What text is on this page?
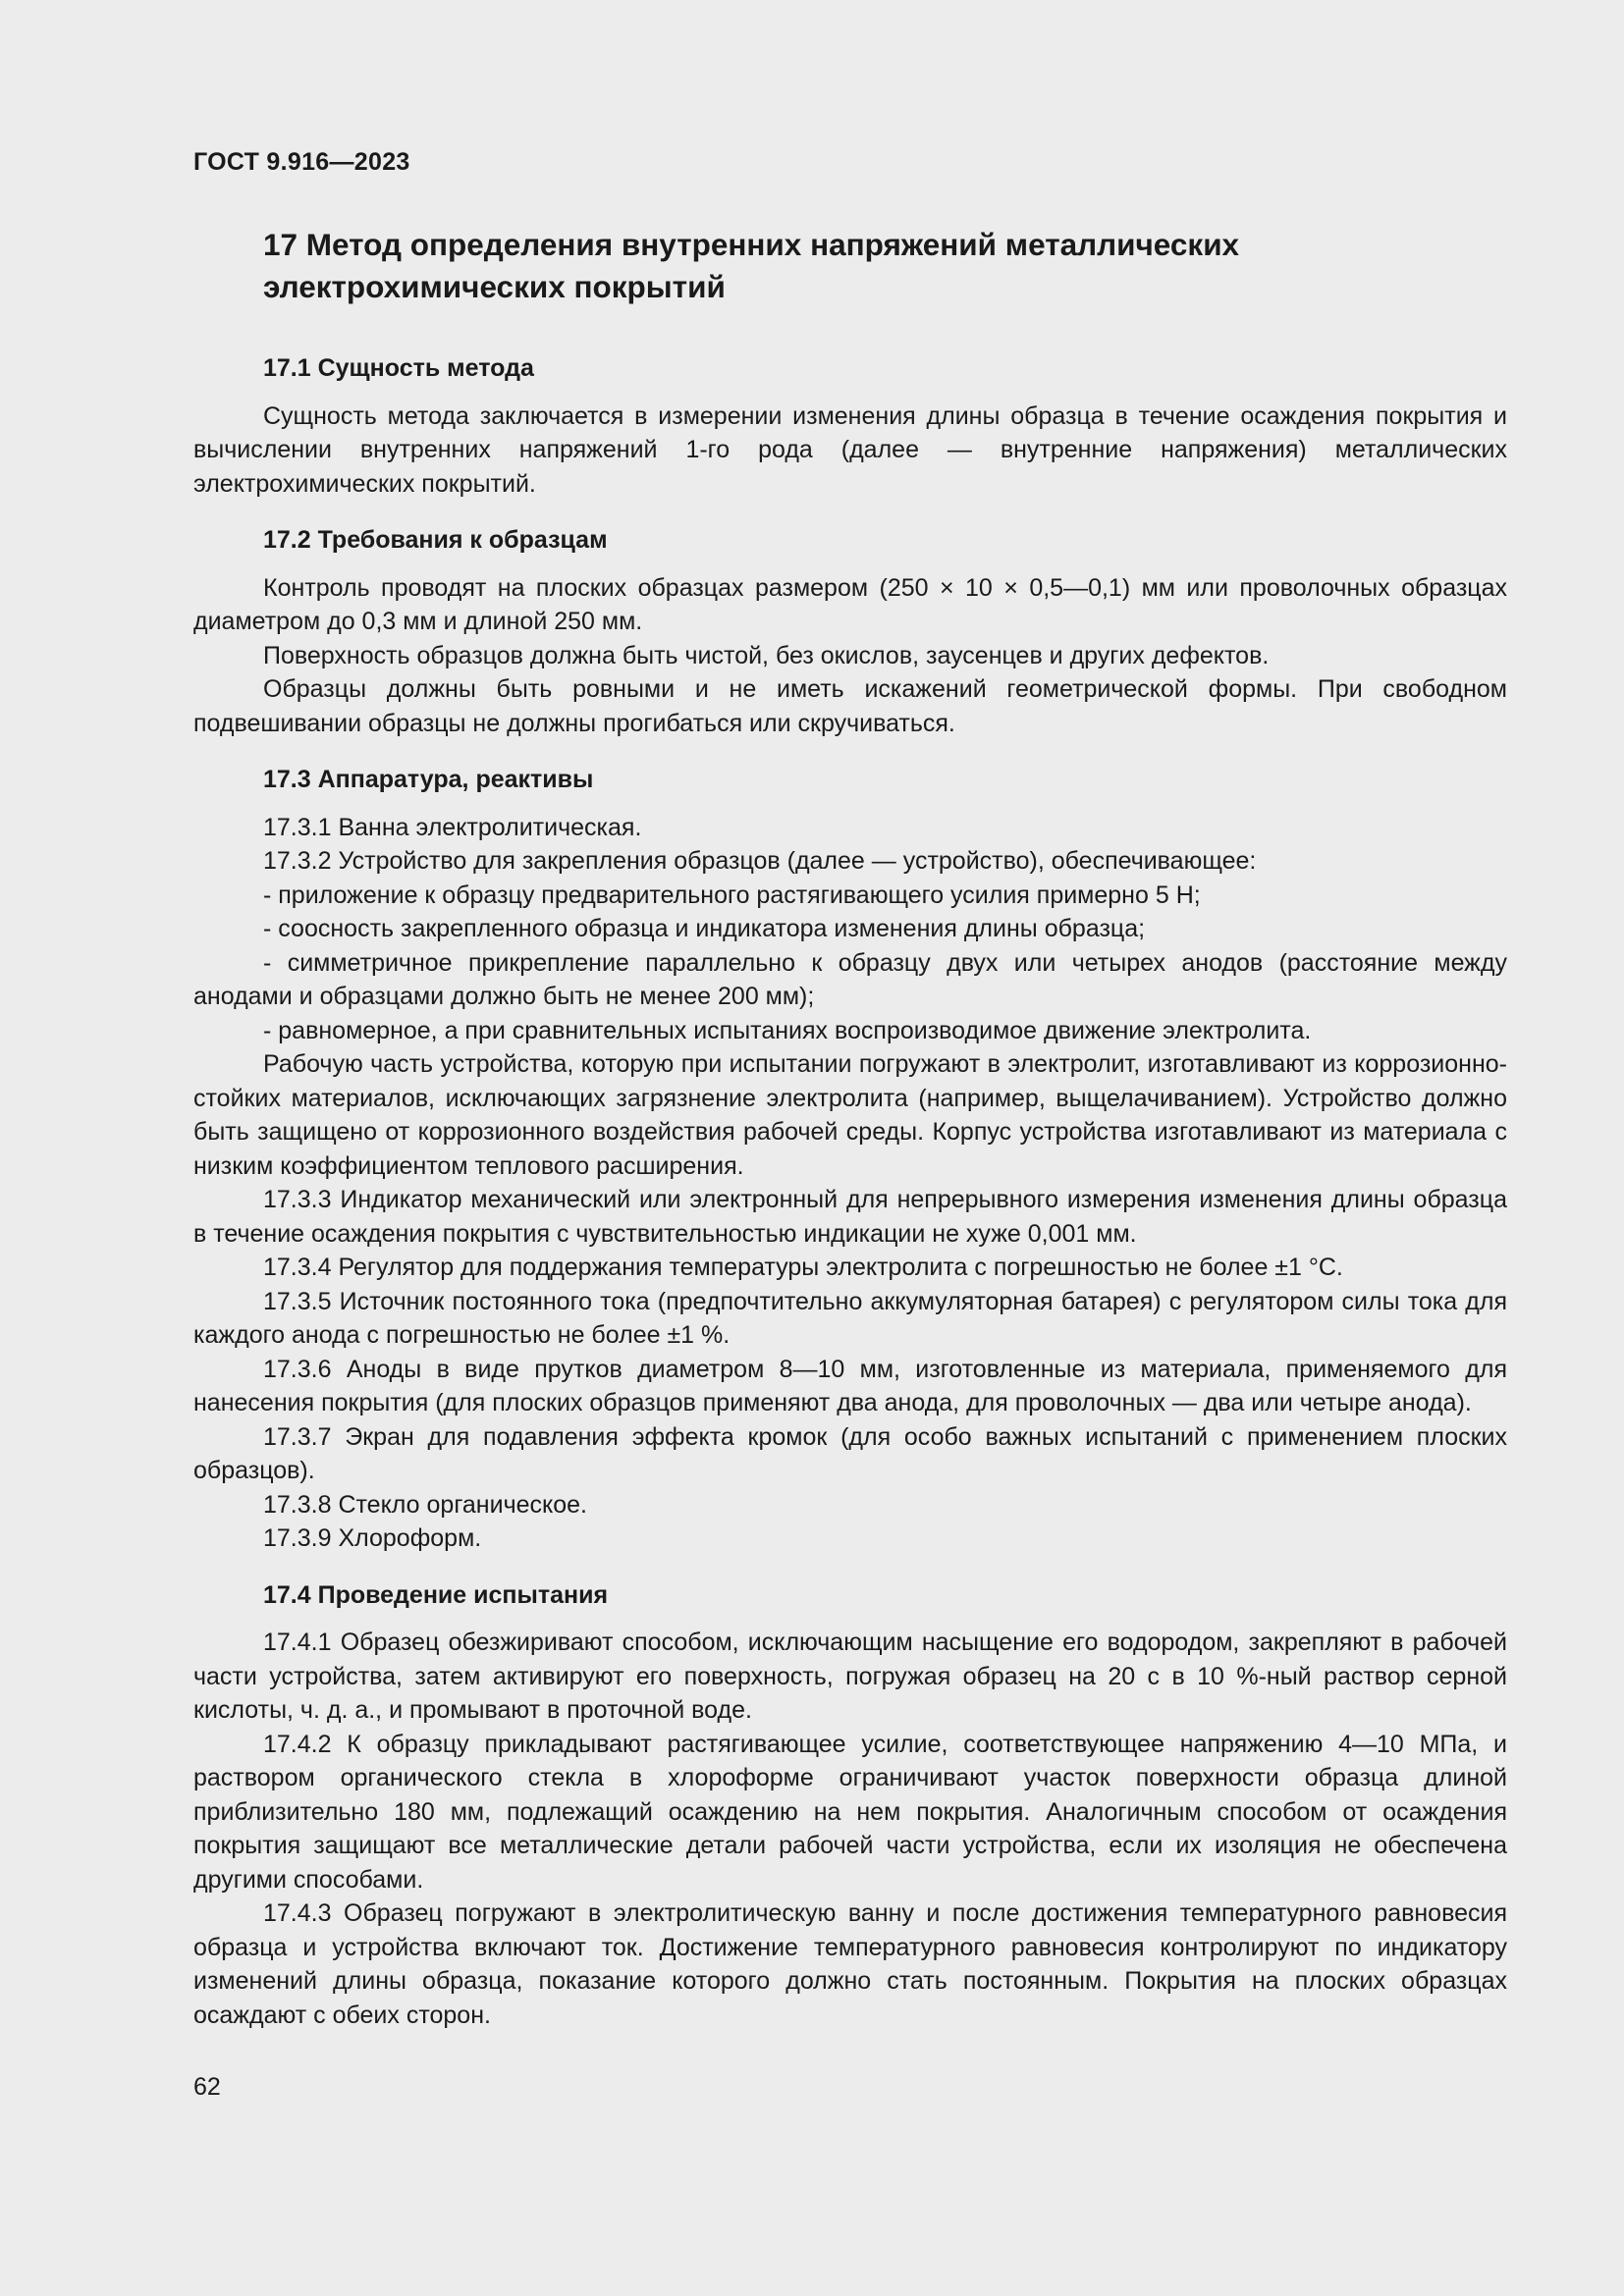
ГОСТ 9.916—2023
17 Метод определения внутренних напряжений металлических
электрохимических покрытий
17.1 Сущность метода

Сущность метода заключается в измерении изменения длины образца в течение осаждения покрытия и вычислении внутренних напряжений 1-го рода (далее — внутренние напряжения) металлических электрохимических покрытий.

17.2 Требования к образцам

Контроль проводят на плоских образцах размером (250 × 10 × 0,5—0,1) мм или проволочных образцах диаметром до 0,3 мм и длиной 250 мм.

Поверхность образцов должна быть чистой, без окислов, заусенцев и других дефектов.

Образцы должны быть ровными и не иметь искажений геометрической формы. При свободном подвешивании образцы не должны прогибаться или скручиваться.

17.3 Аппаратура, реактивы

17.3.1 Ванна электролитическая.

17.3.2 Устройство для закрепления образцов (далее — устройство), обеспечивающее:

- приложение к образцу предварительного растягивающего усилия примерно 5 Н;

- соосность закрепленного образца и индикатора изменения длины образца;

- симметричное прикрепление параллельно к образцу двух или четырех анодов (расстояние между анодами и образцами должно быть не менее 200 мм);

- равномерное, а при сравнительных испытаниях воспроизводимое движение электролита.

Рабочую часть устройства, которую при испытании погружают в электролит, изготавливают из коррозионно-стойких материалов, исключающих загрязнение электролита (например, выщелачиванием). Устройство должно быть защищено от коррозионного воздействия рабочей среды. Корпус устройства изготавливают из материала с низким коэффициентом теплового расширения.

17.3.3 Индикатор механический или электронный для непрерывного измерения изменения длины образца в течение осаждения покрытия с чувствительностью индикации не хуже 0,001 мм.

17.3.4 Регулятор для поддержания температуры электролита с погрешностью не более ±1 °С.

17.3.5 Источник постоянного тока (предпочтительно аккумуляторная батарея) с регулятором силы тока для каждого анода с погрешностью не более ±1 %.

17.3.6 Аноды в виде прутков диаметром 8—10 мм, изготовленные из материала, применяемого для нанесения покрытия (для плоских образцов применяют два анода, для проволочных — два или четыре анода).

17.3.7 Экран для подавления эффекта кромок (для особо важных испытаний с применением плоских образцов).

17.3.8 Стекло органическое.

17.3.9 Хлороформ.

17.4 Проведение испытания

17.4.1 Образец обезжиривают способом, исключающим насыщение его водородом, закрепляют в рабочей части устройства, затем активируют его поверхность, погружая образец на 20 с в 10 %-ный раствор серной кислоты, ч. д. а., и промывают в проточной воде.

17.4.2 К образцу прикладывают растягивающее усилие, соответствующее напряжению 4—10 МПа, и раствором органического стекла в хлороформе ограничивают участок поверхности образца длиной приблизительно 180 мм, подлежащий осаждению на нем покрытия. Аналогичным способом от осаждения покрытия защищают все металлические детали рабочей части устройства, если их изоляция не обеспечена другими способами.

17.4.3 Образец погружают в электролитическую ванну и после достижения температурного равновесия образца и устройства включают ток. Достижение температурного равновесия контролируют по индикатору изменений длины образца, показание которого должно стать постоянным. Покрытия на плоских образцах осаждают с обеих сторон.

62
